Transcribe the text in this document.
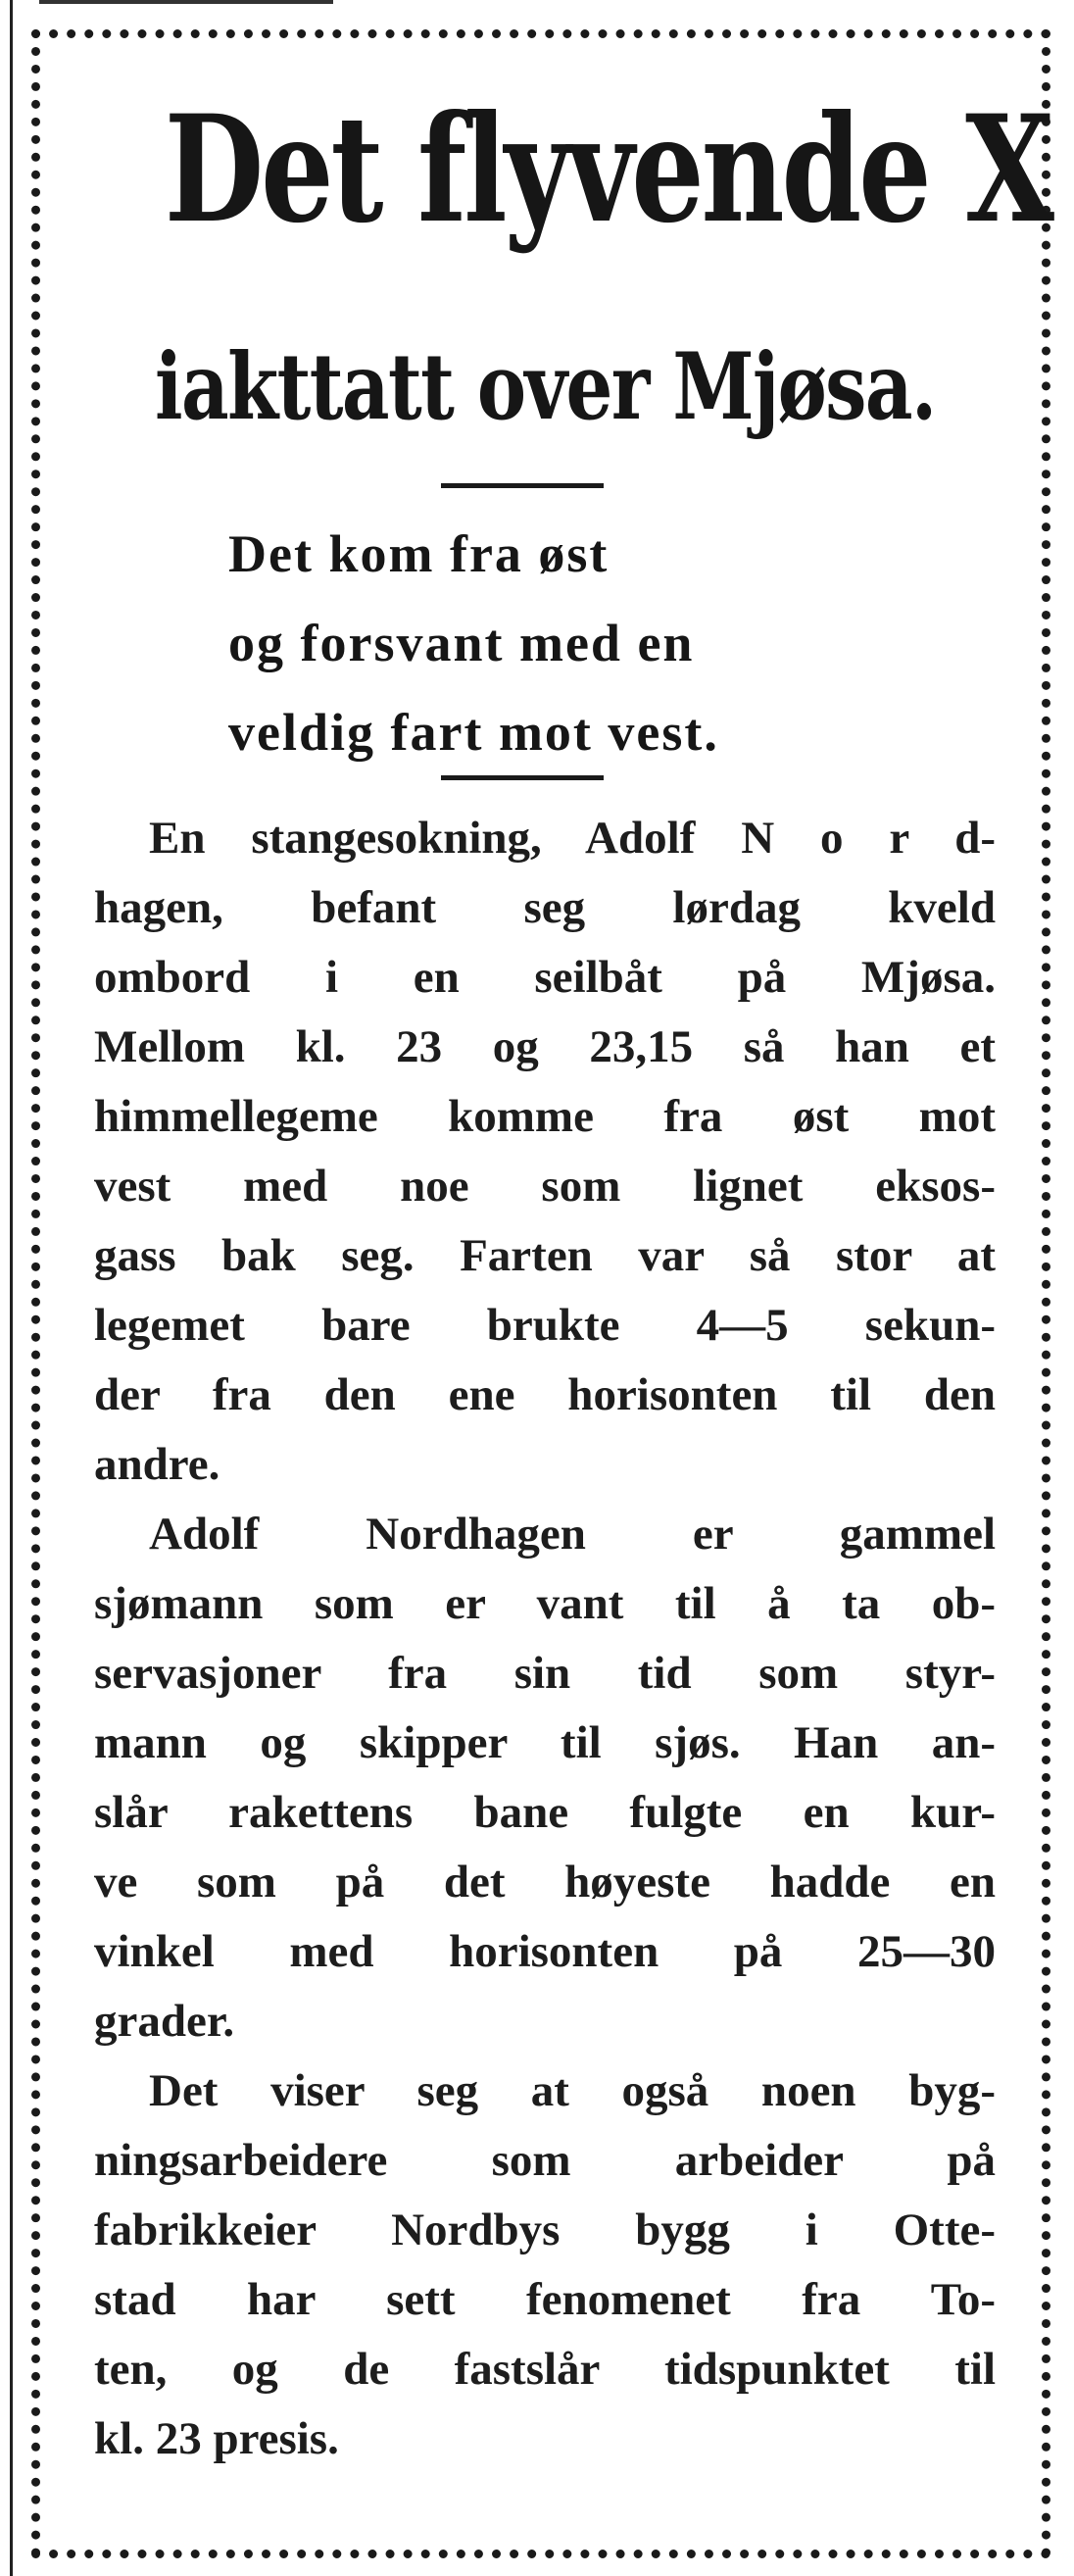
Det flyvende X
iakttatt over Mjøsa.
Det kom fra øst
og forsvant med en
veldig fart mot vest.
En stangesokning, Adolf N o r d-
hagen, befant seg lørdag kveld
ombord i en seilbåt på Mjøsa.
Mellom kl. 23 og 23,15 så han et
himmellegeme komme fra øst mot
vest med noe som lignet eksos-
gass bak seg. Farten var så stor at
legemet bare brukte 4—5 sekun-
der fra den ene horisonten til den
andre.
Adolf Nordhagen er gammel
sjømann som er vant til å ta ob-
servasjoner fra sin tid som styr-
mann og skipper til sjøs. Han an-
slår rakettens bane fulgte en kur-
ve som på det høyeste hadde en
vinkel med horisonten på 25—30
grader.
Det viser seg at også noen byg-
ningsarbeidere som arbeider på
fabrikkeier Nordbys bygg i Otte-
stad har sett fenomenet fra To-
ten, og de fastslår tidspunktet til
kl. 23 presis.
